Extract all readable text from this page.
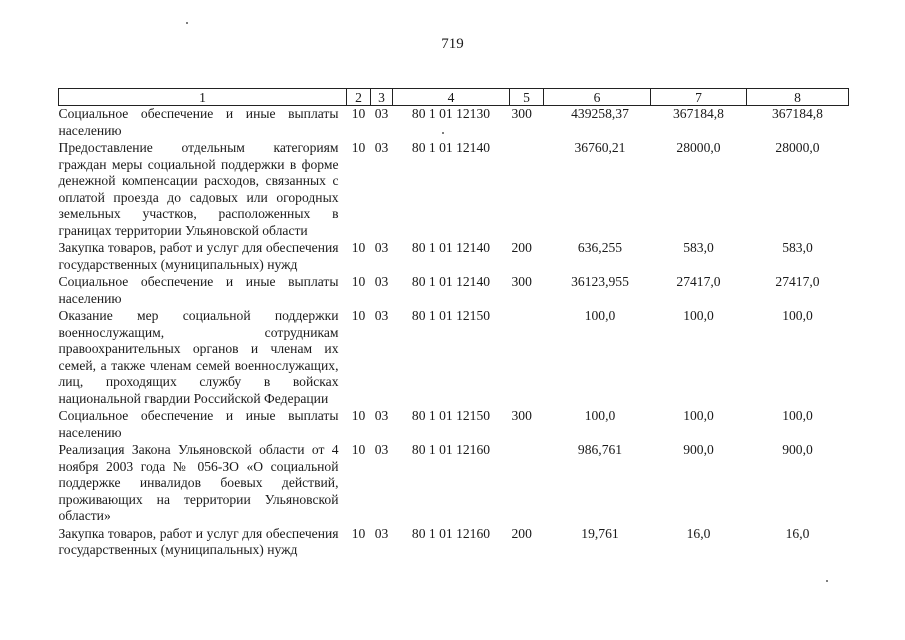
719
1	2	3	4	5	6	7	8
Социальное обеспечение и иные выплаты населению	10	03	80 1 01 12130	300	439258,37	367184,8	367184,8
Предоставление отдельным категориям граждан меры социальной поддержки в форме денежной компенсации расходов, связанных с оплатой проезда до садовых или огородных земельных участков, расположенных в границах территории Ульяновской области	10	03	80 1 01 12140		36760,21	28000,0	28000,0
Закупка товаров, работ и услуг для обеспечения государственных (муниципальных) нужд	10	03	80 1 01 12140	200	636,255	583,0	583,0
Социальное обеспечение и иные выплаты населению	10	03	80 1 01 12140	300	36123,955	27417,0	27417,0
Оказание мер социальной поддержки военнослужащим, сотрудникам правоохранительных органов и членам их семей, а также членам семей военнослужащих, лиц, проходящих службу в войсках национальной гвардии Российской Федерации	10	03	80 1 01 12150		100,0	100,0	100,0
Социальное обеспечение и иные выплаты населению	10	03	80 1 01 12150	300	100,0	100,0	100,0
Реализация Закона Ульяновской области от 4 ноября 2003 года № 056-ЗО «О социальной поддержке инвалидов боевых действий, проживающих на территории Ульяновской области»	10	03	80 1 01 12160		986,761	900,0	900,0
Закупка товаров, работ и услуг для обеспечения государственных (муниципальных) нужд	10	03	80 1 01 12160	200	19,761	16,0	16,0
